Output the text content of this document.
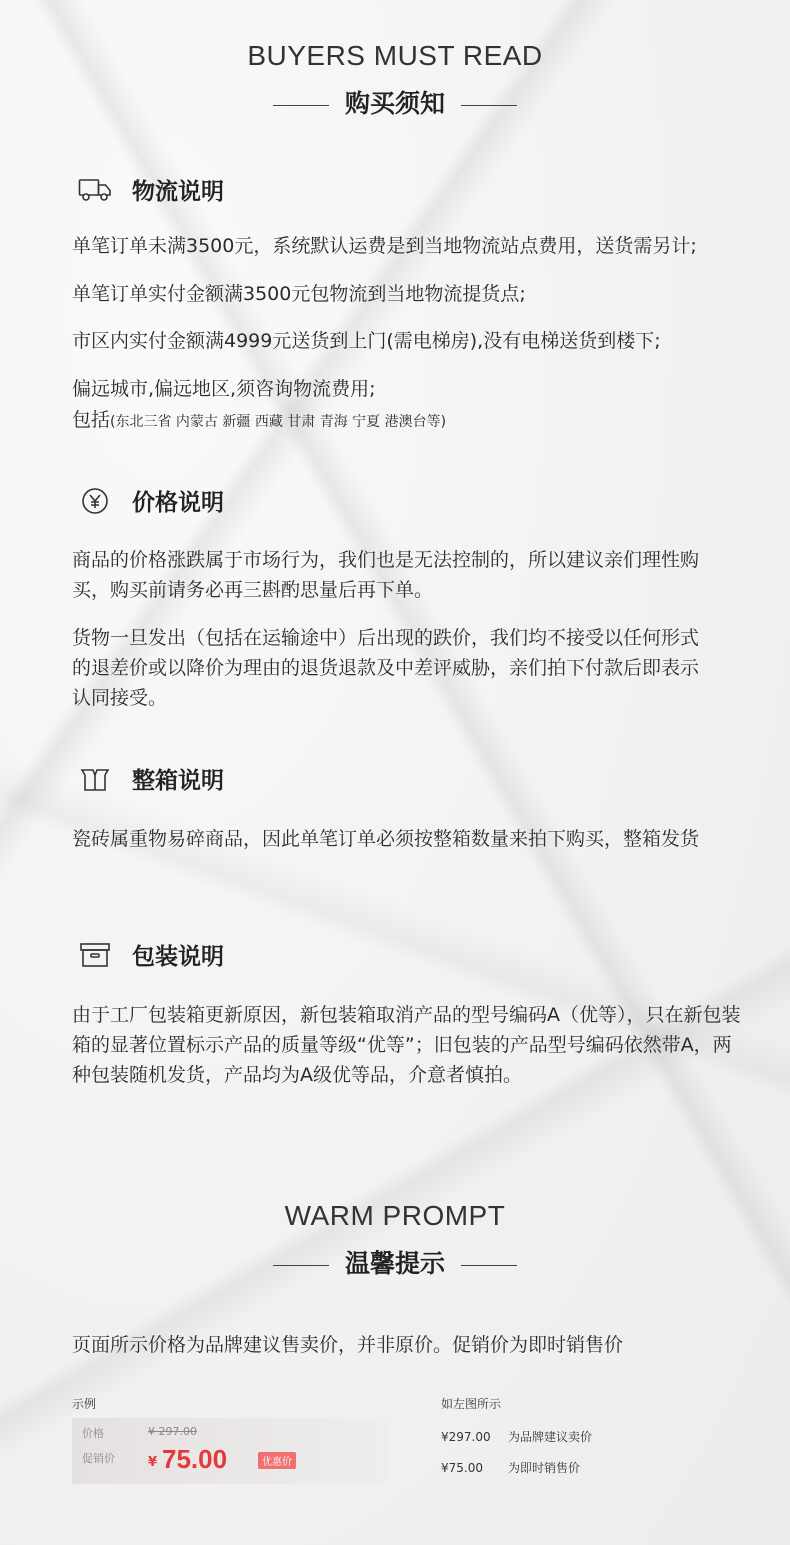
BUYERS MUST READ
购买须知
物流说明

单笔订单未满3500元，系统默认运费是到当地物流站点费用，送货需另计;

单笔订单实付金额满3500元包物流到当地物流提货点;

市区内实付金额满4999元送货到上门(需电梯房),没有电梯送货到楼下;

偏远城市,偏远地区,须咨询物流费用;

包括(东北三省 内蒙古 新疆 西藏 甘肃 青海 宁夏 港澳台等)

价格说明

商品的价格涨跌属于市场行为，我们也是无法控制的，所以建议亲们理性购买，购买前请务必再三斟酌思量后再下单。

货物一旦发出（包括在运输途中）后出现的跌价，我们均不接受以任何形式的退差价或以降价为理由的退货退款及中差评威胁，亲们拍下付款后即表示认同接受。

整箱说明

瓷砖属重物易碎商品，因此单笔订单必须按整箱数量来拍下购买，整箱发货

包装说明

由于工厂包装箱更新原因，新包装箱取消产品的型号编码A（优等），只在新包装箱的显著位置标示产品的质量等级“优等”；旧包装的产品型号编码依然带A，两种包装随机发货，产品均为A级优等品，介意者慎拍。

WARM PROMPT
温馨提示

页面所示价格为品牌建议售卖价，并非原价。促销价为即时销售价

示例
价格	¥ 297.00
促销价	¥ 75.00	优惠价
如左图所示
¥297.00 为品牌建议卖价
¥75.00 为即时销售价
